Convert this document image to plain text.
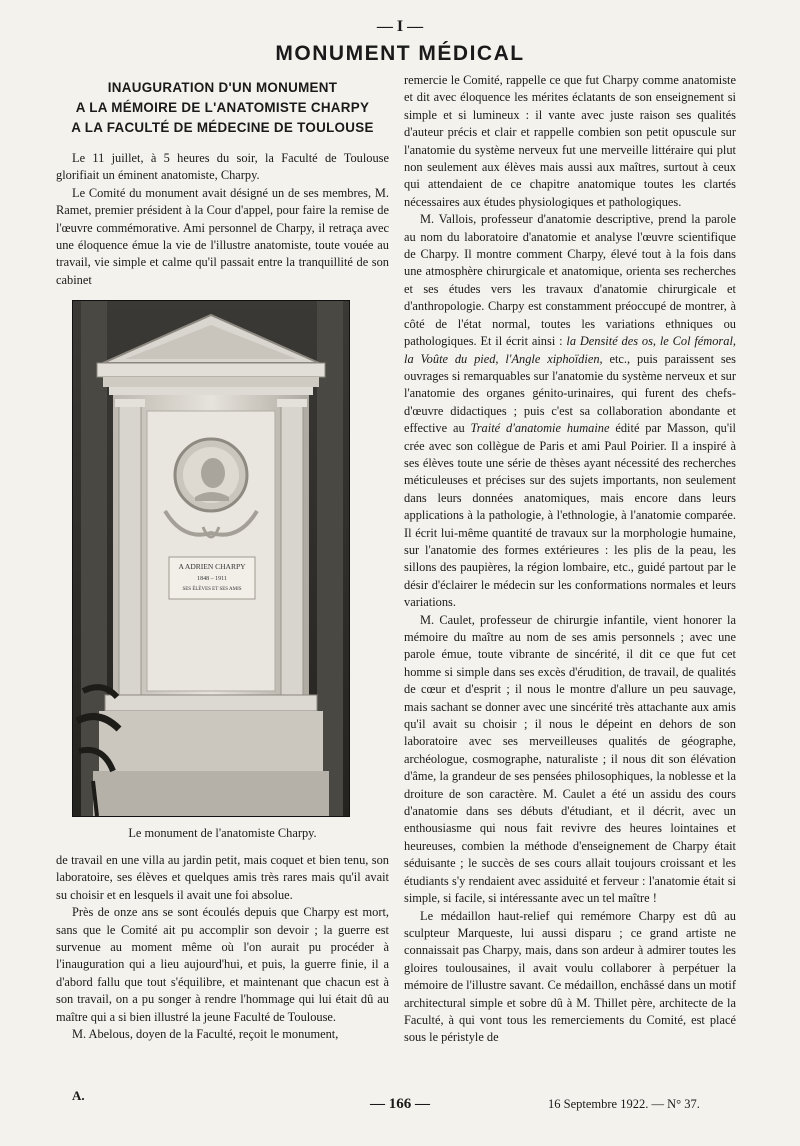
— I —
MONUMENT MÉDICAL
INAUGURATION D'UN MONUMENT
A LA MÉMOIRE DE L'ANATOMISTE CHARPY
A LA FACULTÉ DE MÉDECINE DE TOULOUSE

Le 11 juillet, à 5 heures du soir, la Faculté de Toulouse glorifiait un éminent anatomiste, Charpy.

Le Comité du monument avait désigné un de ses membres, M. Ramet, premier président à la Cour d'appel, pour faire la remise de l'œuvre commémorative. Ami personnel de Charpy, il retraça avec une éloquence émue la vie de l'illustre anatomiste, toute vouée au travail, vie simple et calme qu'il passait entre la tranquillité de son cabinet

A ADRIEN CHARPY
1848 – 1911
SES ÉLÈVES ET SES AMIS
Le monument de l'anatomiste Charpy.

de travail en une villa au jardin petit, mais coquet et bien tenu, son laboratoire, ses élèves et quelques amis très rares mais qu'il avait su choisir et en lesquels il avait une foi absolue.

Près de onze ans se sont écoulés depuis que Charpy est mort, sans que le Comité ait pu accomplir son devoir ; la guerre est survenue au moment même où l'on aurait pu procéder à l'inauguration qui a lieu aujourd'hui, et puis, la guerre finie, il a d'abord fallu que tout s'équilibre, et maintenant que chacun est à son travail, on a pu songer à rendre l'hommage qui lui était dû au maître qui a si bien illustré la jeune Faculté de Toulouse.

M. Abelous, doyen de la Faculté, reçoit le monument,

remercie le Comité, rappelle ce que fut Charpy comme anatomiste et dit avec éloquence les mérites éclatants de son enseignement si simple et si lumineux : il vante avec juste raison ses qualités d'auteur précis et clair et rappelle combien son petit opuscule sur l'anatomie du système nerveux fut une merveille littéraire qui plut non seulement aux élèves mais aussi aux maîtres, surtout à ceux qui attendaient de ce chapitre anatomique toutes les clartés nécessaires aux études physiologiques et pathologiques.

M. Vallois, professeur d'anatomie descriptive, prend la parole au nom du laboratoire d'anatomie et analyse l'œuvre scientifique de Charpy. Il montre comment Charpy, élevé tout à la fois dans une atmosphère chirurgicale et anatomique, orienta ses recherches et ses études vers les travaux d'anatomie chirurgicale et d'anthropologie. Charpy est constamment préoccupé de montrer, à côté de l'état normal, toutes les variations ethniques ou pathologiques. Et il écrit ainsi : la Densité des os, le Col fémoral, la Voûte du pied, l'Angle xiphoïdien, etc., puis paraissent ses ouvrages si remarquables sur l'anatomie du système nerveux et sur l'anatomie des organes génito-urinaires, qui furent des chefs-d'œuvre didactiques ; puis c'est sa collaboration abondante et effective au Traité d'anatomie humaine édité par Masson, qu'il crée avec son collègue de Paris et ami Paul Poirier. Il a inspiré à ses élèves toute une série de thèses ayant nécessité des recherches méticuleuses et précises sur des sujets importants, non seulement dans leurs données anatomiques, mais encore dans leurs applications à la pathologie, à l'ethnologie, à l'anatomie comparée. Il écrit lui-même quantité de travaux sur la morphologie humaine, sur l'anatomie des formes extérieures : les plis de la peau, les sillons des paupières, la région lombaire, etc., guidé partout par le désir d'éclairer le médecin sur les conformations normales et leurs variations.

M. Caulet, professeur de chirurgie infantile, vient honorer la mémoire du maître au nom de ses amis personnels ; avec une parole émue, toute vibrante de sincérité, il dit ce que fut cet homme si simple dans ses excès d'érudition, de travail, de qualités de cœur et d'esprit ; il nous le montre d'allure un peu sauvage, mais sachant se donner avec une sincérité très attachante aux amis qu'il avait su choisir ; il nous le dépeint en dehors de son laboratoire avec ses merveilleuses qualités de géographe, archéologue, cosmographe, naturaliste ; il nous dit son élévation d'âme, la grandeur de ses pensées philosophiques, la noblesse et la droiture de son caractère. M. Caulet a été un assidu des cours d'anatomie dans ses débuts d'étudiant, et il décrit, avec un enthousiasme qui nous fait revivre des heures lointaines et heureuses, combien la méthode d'enseignement de Charpy était séduisante ; le succès de ses cours allait toujours croissant et les étudiants s'y rendaient avec assiduité et ferveur : l'anatomie était si simple, si facile, si intéressante avec un tel maître !

Le médaillon haut-relief qui remémore Charpy est dû au sculpteur Marqueste, lui aussi disparu ; ce grand artiste ne connaissait pas Charpy, mais, dans son ardeur à admirer toutes les gloires toulousaines, il avait voulu collaborer à perpétuer la mémoire de l'illustre savant. Ce médaillon, enchâssé dans un motif architectural simple et sobre dû à M. Thillet père, architecte de la Faculté, à qui vont tous les remerciements du Comité, est placé sous le péristyle de

A.
— 166 —	16 Septembre 1922. — N° 37.
